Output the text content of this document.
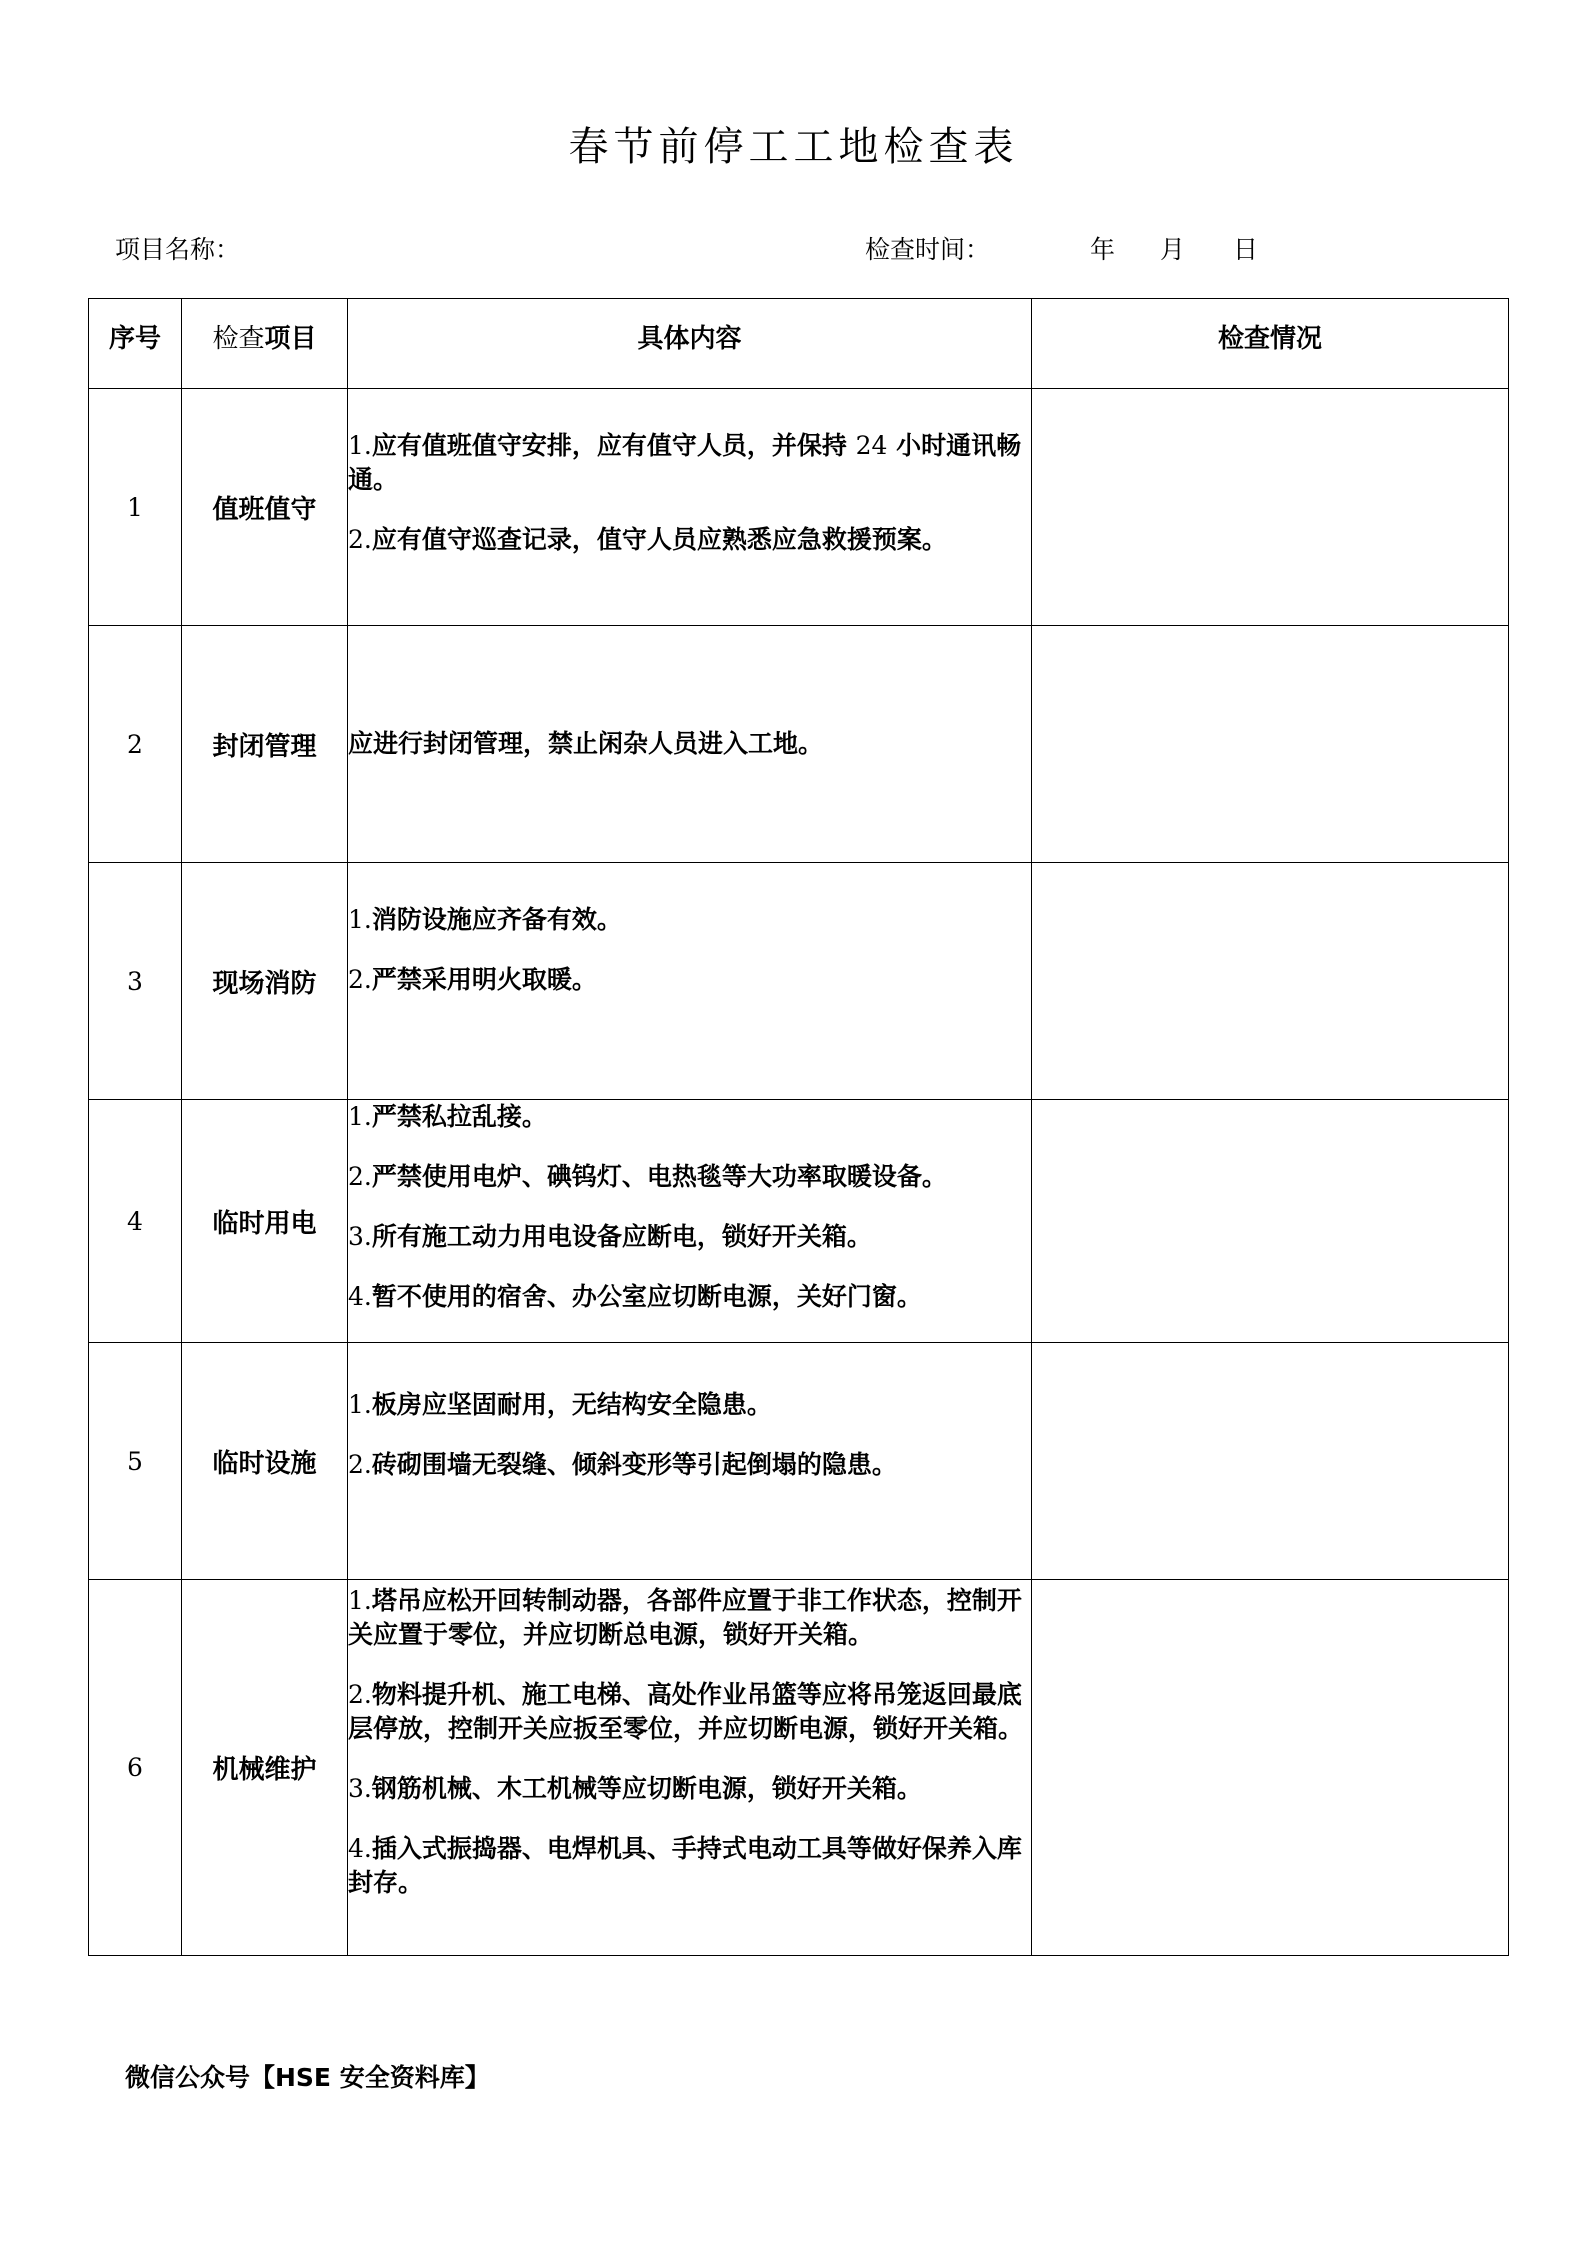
春节前停工工地检查表
项目名称：	检查时间：	年 月 日
序号	检查项目	具体内容	检查情况
1	值班值守	1.应有值班值守安排，应有值守人员，并保持 24 小时通讯畅通。
2.应有值守巡查记录，值守人员应熟悉应急救援预案。	

2	封闭管理	应进行封闭管理，禁止闲杂人员进入工地。	

3	现场消防	1.消防设施应齐备有效。
2.严禁采用明火取暖。	

4	临时用电	1.严禁私拉乱接。
2.严禁使用电炉、碘钨灯、电热毯等大功率取暖设备。
3.所有施工动力用电设备应断电，锁好开关箱。
4.暂不使用的宿舍、办公室应切断电源，关好门窗。	

5	临时设施	1.板房应坚固耐用，无结构安全隐患。
2.砖砌围墙无裂缝、倾斜变形等引起倒塌的隐患。	

6	机械维护	1.塔吊应松开回转制动器，各部件应置于非工作状态，控制开关应置于零位，并应切断总电源，锁好开关箱。
2.物料提升机、施工电梯、高处作业吊篮等应将吊笼返回最底层停放，控制开关应扳至零位，并应切断电源，锁好开关箱。
3.钢筋机械、木工机械等应切断电源，锁好开关箱。
4.插入式振捣器、电焊机具、手持式电动工具等做好保养入库封存。	

微信公众号【HSE 安全资料库】
